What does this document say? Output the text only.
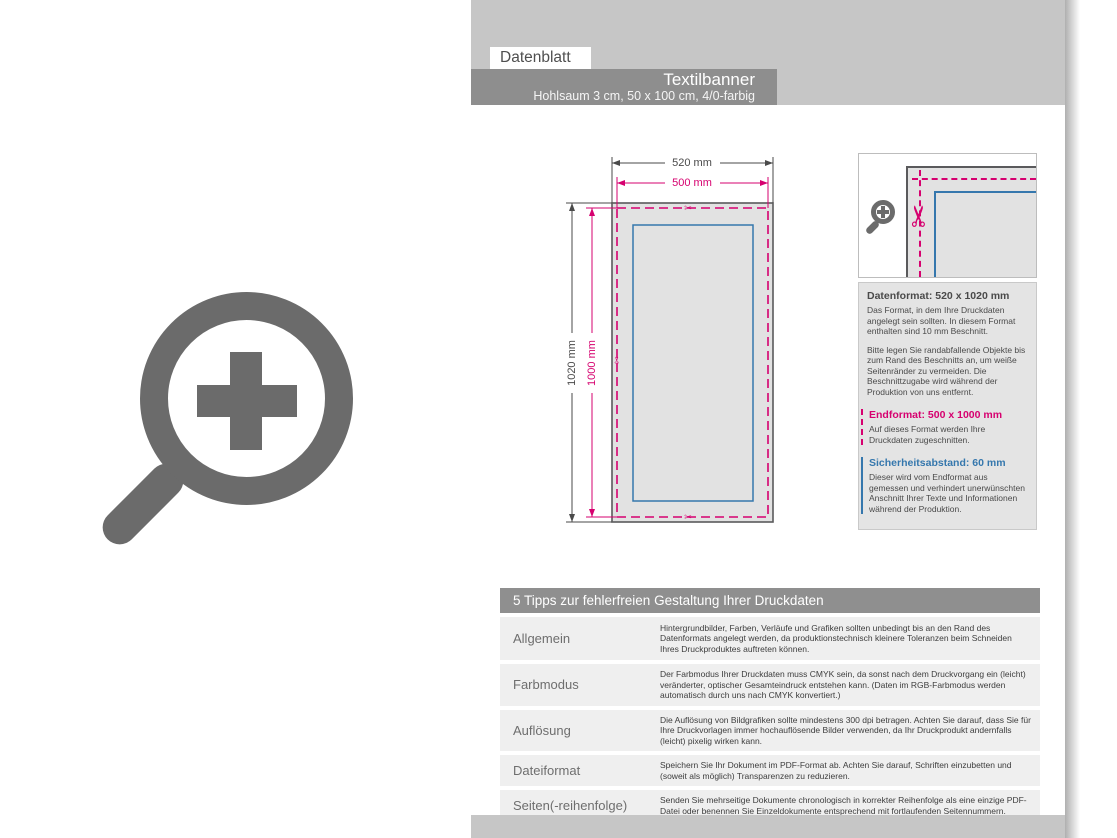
Datenblatt
Textilbanner
Hohlsaum 3 cm, 50 x 100 cm, 4/0-farbig
520 mm
500 mm
1020 mm 1000 mm
✂
✂
✂
✂
Datenformat: 520 x 1020 mm
Das Format, in dem Ihre Druckdaten angelegt sein sollten. In diesem Format enthalten sind 10 mm Beschnitt.
Bitte legen Sie randabfallende Objekte bis zum Rand des Beschnitts an, um weiße Seitenränder zu vermeiden. Die Beschnittzugabe wird während der Produktion von uns entfernt.
Endformat: 500 x 1000 mm
Auf dieses Format werden Ihre Druckdaten zugeschnitten.
Sicherheitsabstand: 60 mm
Dieser wird vom Endformat aus gemessen und verhindert unerwünschten Anschnitt Ihrer Texte und Informationen während der Produktion.
5 Tipps zur fehlerfreien Gestaltung Ihrer Druckdaten
Allgemein
Hintergrundbilder, Farben, Verläufe und Grafiken sollten unbedingt bis an den Rand des Datenformats angelegt werden, da produktionstechnisch kleinere Toleranzen beim Schneiden Ihres Druckproduktes auftreten können.
Farbmodus
Der Farbmodus Ihrer Druckdaten muss CMYK sein, da sonst nach dem Druckvorgang ein (leicht) veränderter, optischer Gesamteindruck entstehen kann. (Daten im RGB-Farbmodus werden automatisch durch uns nach CMYK konvertiert.)
Auflösung
Die Auflösung von Bildgrafiken sollte mindestens 300 dpi betragen. Achten Sie darauf, dass Sie für Ihre Druckvorlagen immer hochauflösende Bilder verwenden, da Ihr Druckprodukt andernfalls (leicht) pixelig wirken kann.
Dateiformat	Speichern Sie Ihr Dokument im PDF-Format ab. Achten Sie darauf, Schriften einzubetten und (soweit als möglich) Transparenzen zu reduzieren.
Seiten(-reihenfolge)	Senden Sie mehrseitige Dokumente chronologisch in korrekter Reihenfolge als eine einzige PDF-Datei oder benennen Sie Einzeldokumente entsprechend mit fortlaufenden Seitennummern.
